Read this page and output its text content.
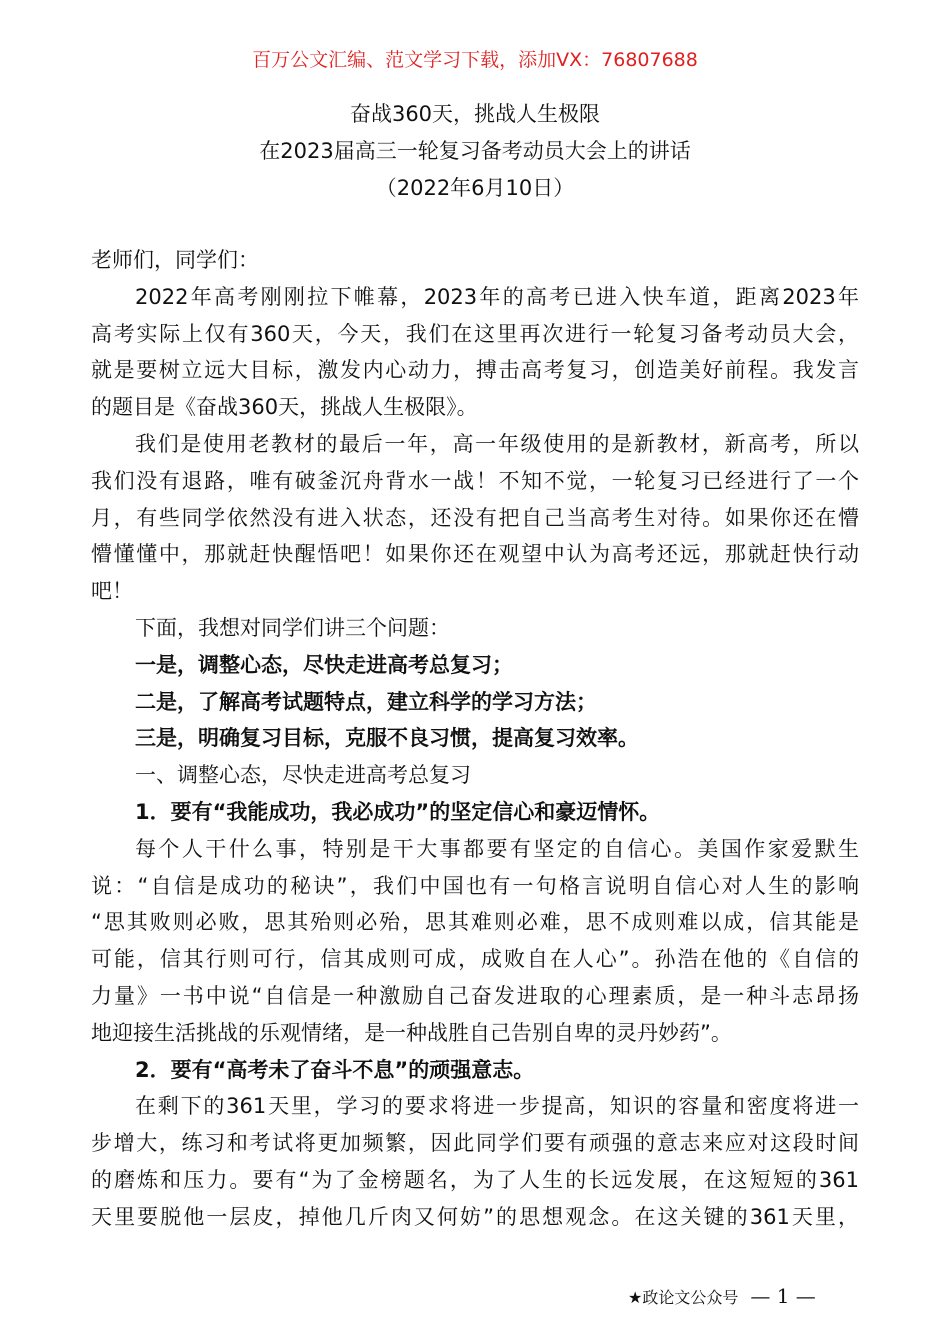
百万公文汇编、范文学习下载，添加VX：76807688
奋战360天，挑战人生极限
在2023届高三一轮复习备考动员大会上的讲话
（2022年6月10日）
老师们，同学们：
2022年高考刚刚拉下帷幕，2023年的高考已进入快车道，距离2023年
高考实际上仅有360天，今天，我们在这里再次进行一轮复习备考动员大会，
就是要树立远大目标，激发内心动力，搏击高考复习，创造美好前程。我发言
的题目是《奋战360天，挑战人生极限》。
我们是使用老教材的最后一年，高一年级使用的是新教材，新高考，所以
我们没有退路，唯有破釜沉舟背水一战！不知不觉，一轮复习已经进行了一个
月，有些同学依然没有进入状态，还没有把自己当高考生对待。如果你还在懵
懵懂懂中，那就赶快醒悟吧！如果你还在观望中认为高考还远，那就赶快行动
吧！
下面，我想对同学们讲三个问题：
一是，调整心态，尽快走进高考总复习；
二是，了解高考试题特点，建立科学的学习方法；
三是，明确复习目标，克服不良习惯，提高复习效率。
一、调整心态，尽快走进高考总复习
1．要有“我能成功，我必成功”的坚定信心和豪迈情怀。
每个人干什么事，特别是干大事都要有坚定的自信心。美国作家爱默生
说：“自信是成功的秘诀”，我们中国也有一句格言说明自信心对人生的影响
“思其败则必败，思其殆则必殆，思其难则必难，思不成则难以成，信其能是
可能，信其行则可行，信其成则可成，成败自在人心”。孙浩在他的《自信的
力量》一书中说“自信是一种激励自己奋发进取的心理素质，是一种斗志昂扬
地迎接生活挑战的乐观情绪，是一种战胜自己告别自卑的灵丹妙药”。
2．要有“高考未了奋斗不息”的顽强意志。
在剩下的361天里，学习的要求将进一步提高，知识的容量和密度将进一
步增大，练习和考试将更加频繁，因此同学们要有顽强的意志来应对这段时间
的磨炼和压力。要有“为了金榜题名，为了人生的长远发展，在这短短的361
天里要脱他一层皮，掉他几斤肉又何妨”的思想观念。在这关键的361天里，
★政论文公众号 — 1 —
